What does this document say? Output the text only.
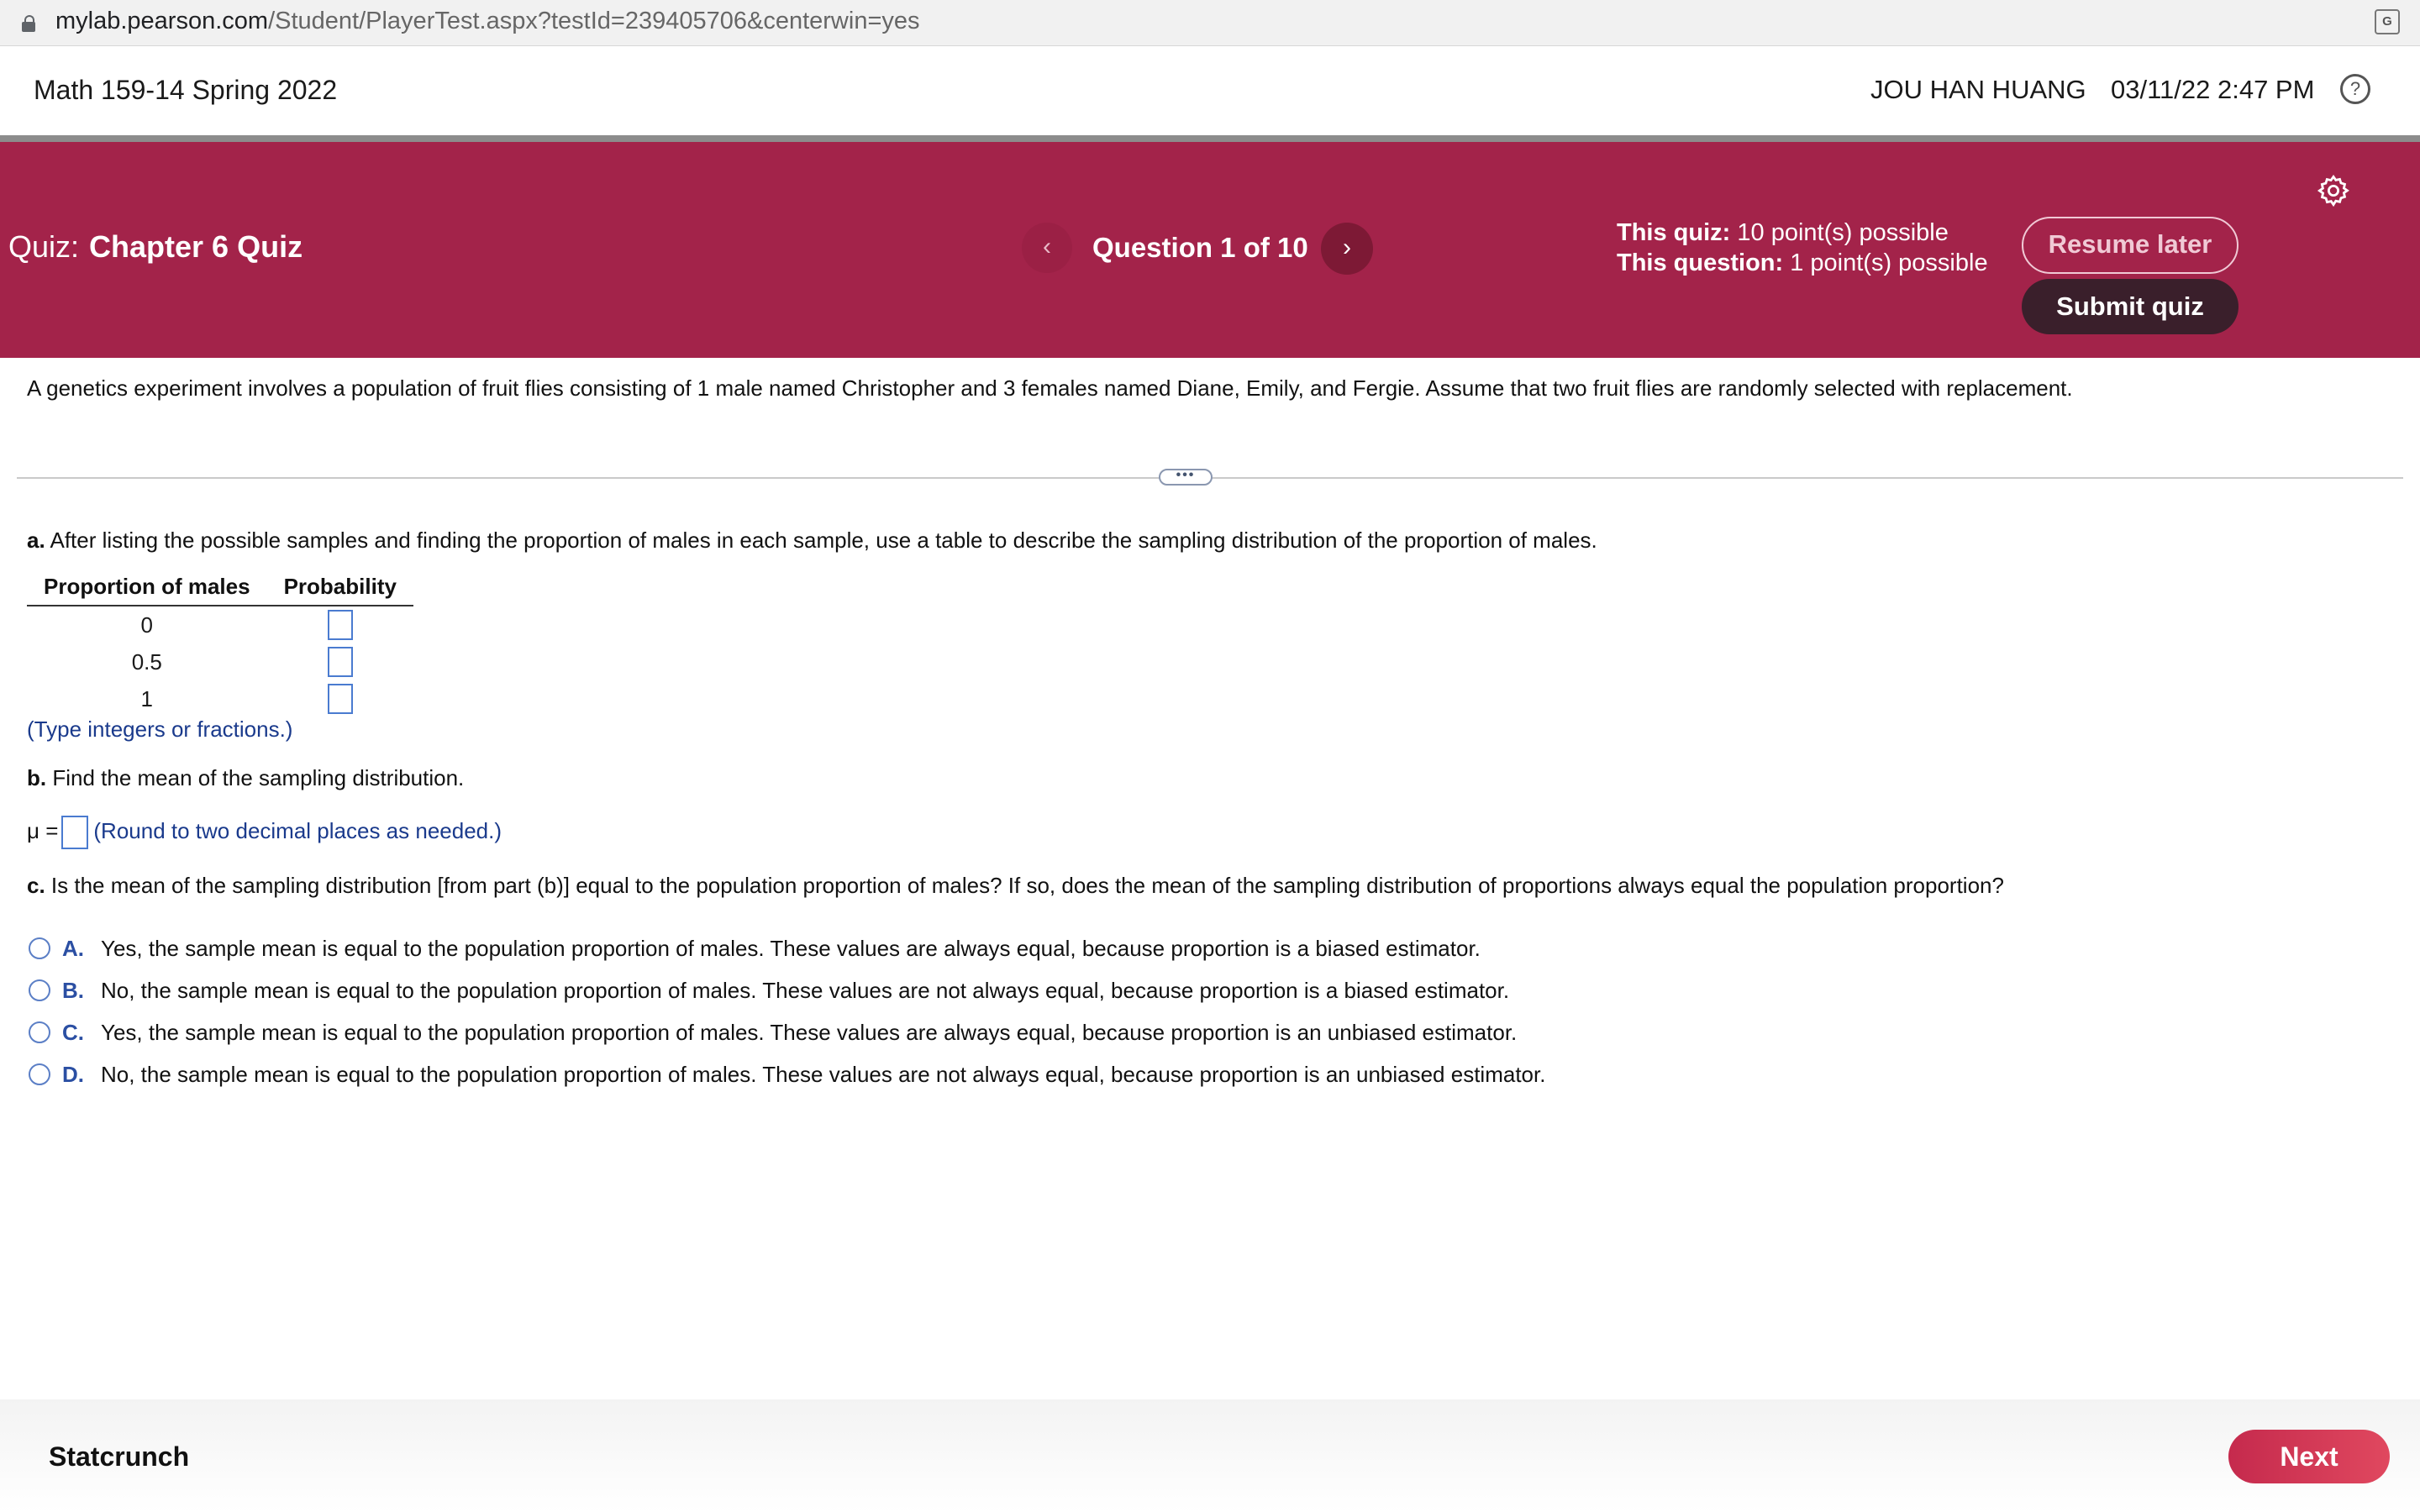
mylab.pearson.com/Student/PlayerTest.aspx?testId=239405706&centerwin=yes	G
Math 159-14 Spring 2022	JOU HAN HUANG 03/11/22 2:47 PM	?
Quiz: Chapter 6 Quiz	‹	Question 1 of 10	›
This quiz: 10 point(s) possible
This question: 1 point(s) possible
Resume later
Submit quiz
A genetics experiment involves a population of fruit flies consisting of 1 male named Christopher and 3 females named Diane, Emily, and Fergie. Assume that two fruit flies are randomly selected with replacement.
•••
a. After listing the possible samples and finding the proportion of males in each sample, use a table to describe the sampling distribution of the proportion of males.
Proportion of males	Probability
0	
0.5	
1	
(Type integers or fractions.)
b. Find the mean of the sampling distribution.
μ = (Round to two decimal places as needed.)
c. Is the mean of the sampling distribution [from part (b)] equal to the population proportion of males? If so, does the mean of the sampling distribution of proportions always equal the population proportion?
A. Yes, the sample mean is equal to the population proportion of males. These values are always equal, because proportion is a biased estimator.
B. No, the sample mean is equal to the population proportion of males. These values are not always equal, because proportion is a biased estimator.
C. Yes, the sample mean is equal to the population proportion of males. These values are always equal, because proportion is an unbiased estimator.
D. No, the sample mean is equal to the population proportion of males. These values are not always equal, because proportion is an unbiased estimator.
Statcrunch	Next
